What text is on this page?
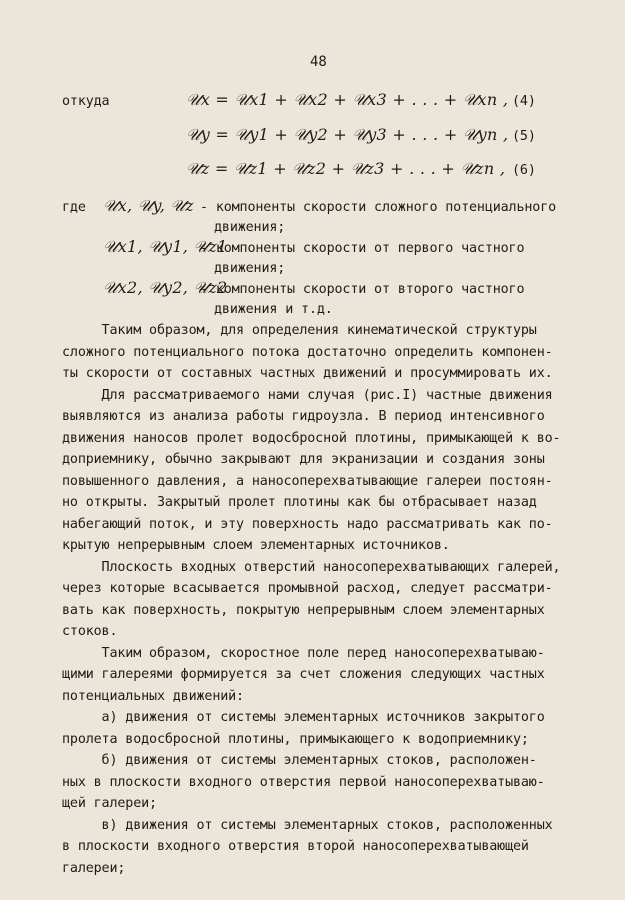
48
откуда	𝒰x = 𝒰x1 + 𝒰x2 + 𝒰x3 + . . . + 𝒰xn , (4)
𝒰y = 𝒰y1 + 𝒰y2 + 𝒰y3 + . . . + 𝒰yn , (5)
𝒰z = 𝒰z1 + 𝒰z2 + 𝒰z3 + . . . + 𝒰zn , (6)
где 𝒰x, 𝒰y, 𝒰z - компоненты скорости сложного потенциального
движения;
𝒰x1, 𝒰y1, 𝒰z1
- компоненты скорости от первого частного
движения;
𝒰x2, 𝒰y2, 𝒰z2
- компоненты скорости от второго частного
движения и т.д.
Таким образом, для определения кинематической структуры
сложного потенциального потока достаточно определить компонен-
ты скорости от составных частных движений и просуммировать их.
Для рассматриваемого нами случая (рис.I) частные движения
выявляются из анализа работы гидроузла. В период интенсивного
движения наносов пролет водосбросной плотины, примыкающей к во-
доприемнику, обычно закрывают для экранизации и создания зоны
повышенного давления, а наносоперехватывающие галереи постоян-
но открыты. Закрытый пролет плотины как бы отбрасывает назад
набегающий поток, и эту поверхность надо рассматривать как по-
крытую непрерывным слоем элементарных источников.
Плоскость входных отверстий наносоперехватывающих галерей,
через которые всасывается промывной расход, следует рассматри-
вать как поверхность, покрытую непрерывным слоем элементарных
стоков.
Таким образом, скоростное поле перед наносоперехватываю-
щими галереями формируется за счет сложения следующих частных
потенциальных движений:
а) движения от системы элементарных источников закрытого
пролета водосбросной плотины, примыкающего к водоприемнику;
б) движения от системы элементарных стоков, расположен-
ных в плоскости входного отверстия первой наносоперехватываю-
щей галереи;
в) движения от системы элементарных стоков, расположенных
в плоскости входного отверстия второй наносоперехватывающей
галереи;
